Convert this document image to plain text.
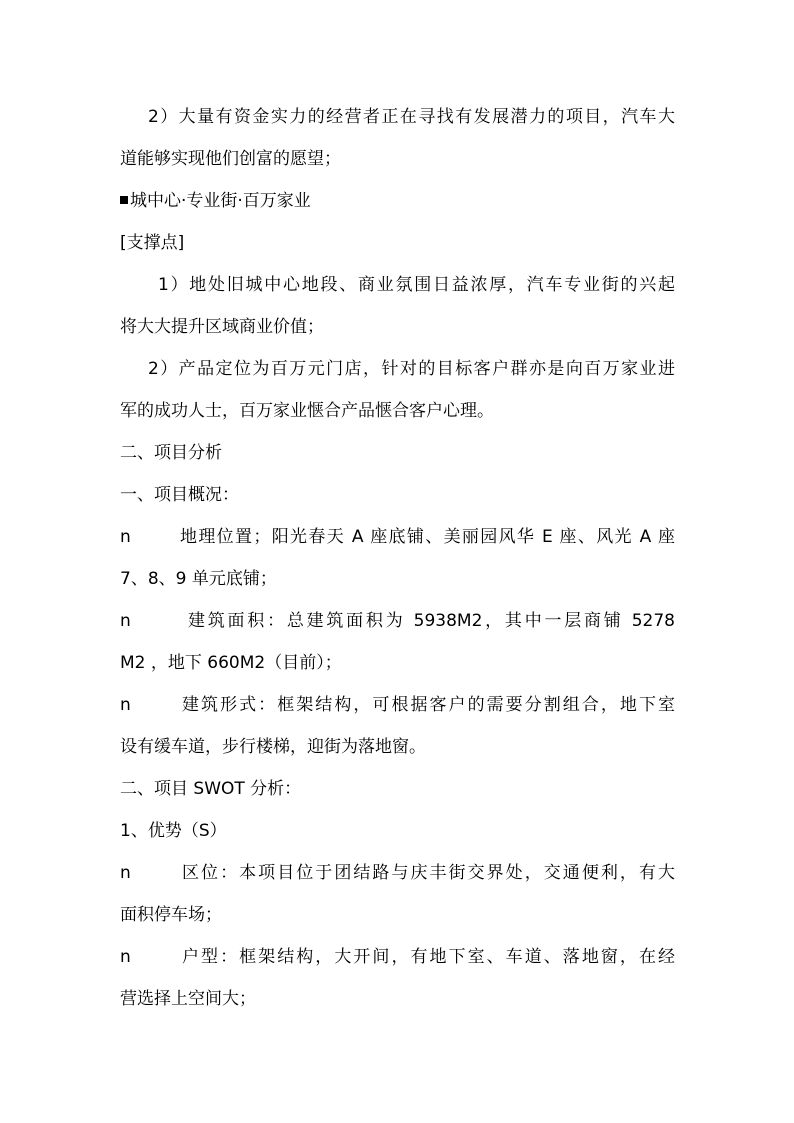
2）大量有资金实力的经营者正在寻找有发展潜力的项目，汽车大
道能够实现他们创富的愿望；
城中心·专业街·百万家业
[支撑点]
1）地处旧城中心地段、商业氛围日益浓厚，汽车专业街的兴起
将大大提升区域商业价值；
2）产品定位为百万元门店，针对的目标客户群亦是向百万家业进
军的成功人士，百万家业惬合产品惬合客户心理。
二、项目分析
一、项目概况：
n	地理位置；阳光春天 A 座底铺、美丽园风华 E 座、风光 A 座
7、8、9 单元底铺；
n	建筑面积：总建筑面积为 5938M2，其中一层商铺 5278
M2 ，地下 660M2（目前）；
n	建筑形式：框架结构，可根据客户的需要分割组合，地下室
设有缓车道，步行楼梯，迎街为落地窗。
二、项目 SWOT 分析：
1、优势（S）
n	区位：本项目位于团结路与庆丰街交界处，交通便利，有大
面积停车场；
n	户型：框架结构，大开间，有地下室、车道、落地窗，在经
营选择上空间大；
